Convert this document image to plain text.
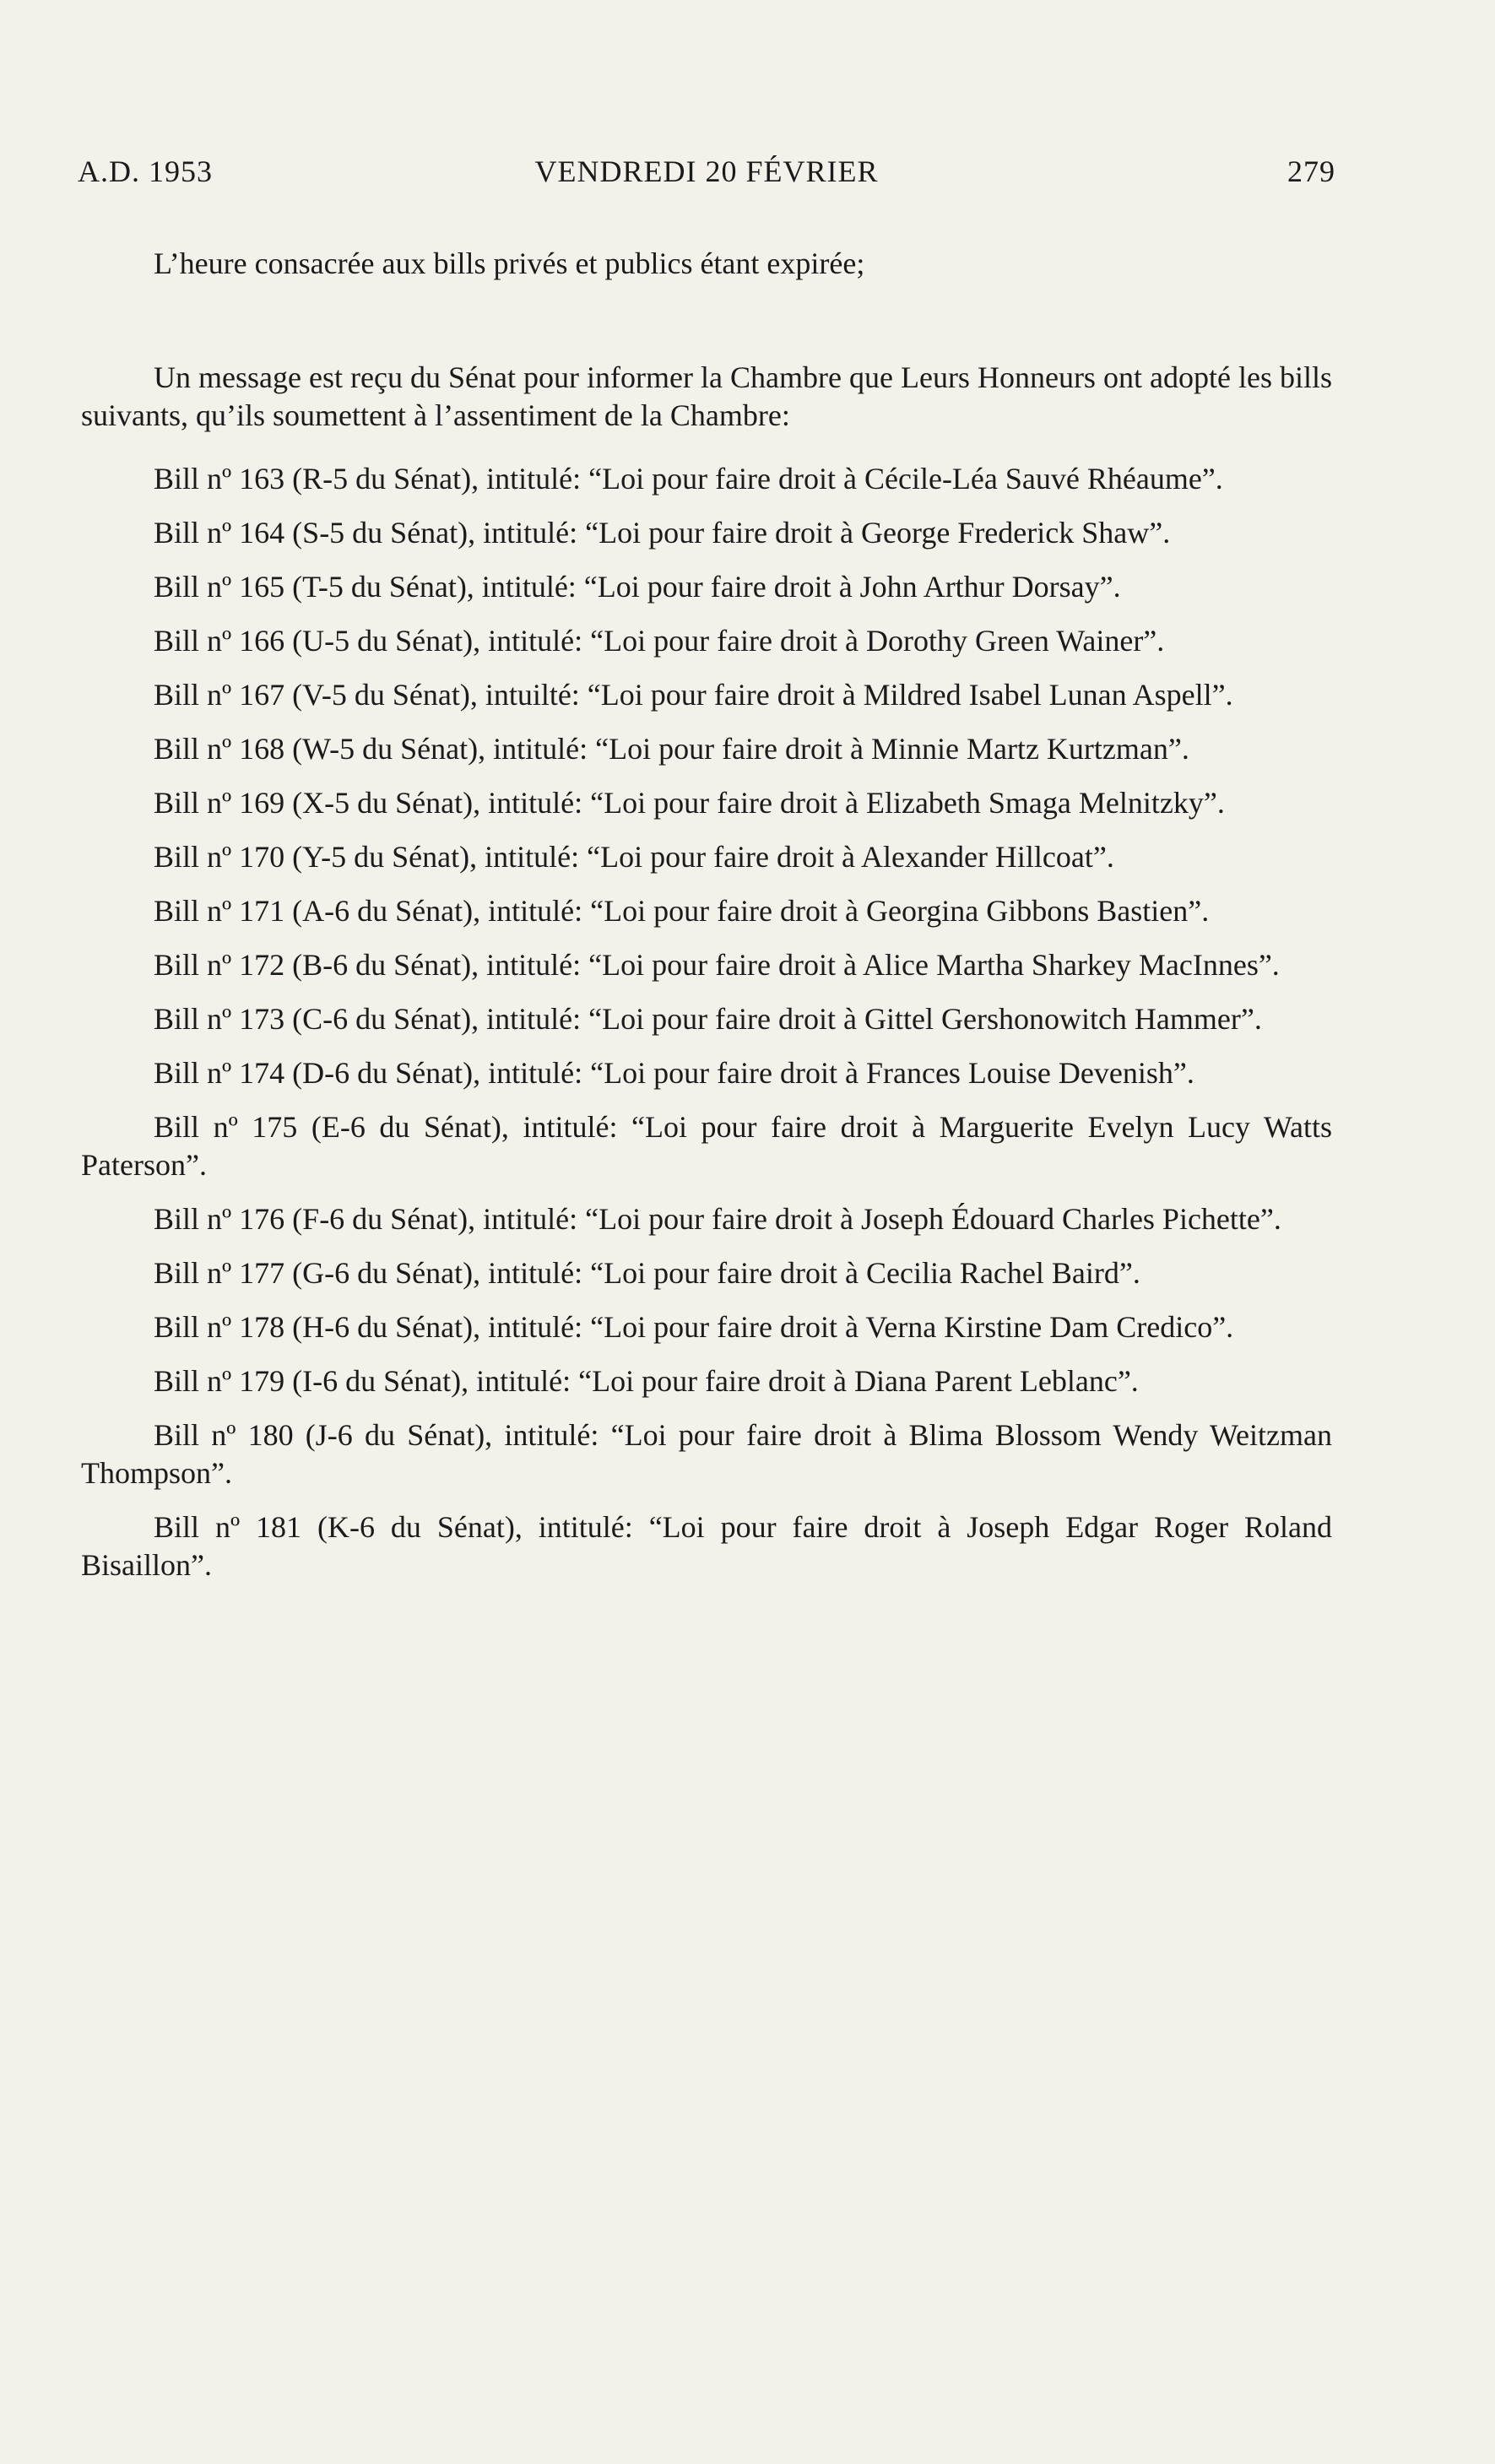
A.D. 1953	VENDREDI 20 FÉVRIER	279

L’heure consacrée aux bills privés et publics étant expirée;

Un message est reçu du Sénat pour informer la Chambre que Leurs Honneurs ont adopté les bills suivants, qu’ils soumettent à l’assentiment de la Chambre:

Bill nº 163 (R-5 du Sénat), intitulé: “Loi pour faire droit à Cécile-Léa Sauvé Rhéaume”.

Bill nº 164 (S-5 du Sénat), intitulé: “Loi pour faire droit à George Frederick Shaw”.

Bill nº 165 (T-5 du Sénat), intitulé: “Loi pour faire droit à John Arthur Dorsay”.

Bill nº 166 (U-5 du Sénat), intitulé: “Loi pour faire droit à Dorothy Green Wainer”.

Bill nº 167 (V-5 du Sénat), intuilté: “Loi pour faire droit à Mildred Isabel Lunan Aspell”.

Bill nº 168 (W-5 du Sénat), intitulé: “Loi pour faire droit à Minnie Martz Kurtzman”.

Bill nº 169 (X-5 du Sénat), intitulé: “Loi pour faire droit à Elizabeth Smaga Melnitzky”.

Bill nº 170 (Y-5 du Sénat), intitulé: “Loi pour faire droit à Alexander Hillcoat”.

Bill nº 171 (A-6 du Sénat), intitulé: “Loi pour faire droit à Georgina Gibbons Bastien”.

Bill nº 172 (B-6 du Sénat), intitulé: “Loi pour faire droit à Alice Martha Sharkey MacInnes”.

Bill nº 173 (C-6 du Sénat), intitulé: “Loi pour faire droit à Gittel Gershonowitch Hammer”.

Bill nº 174 (D-6 du Sénat), intitulé: “Loi pour faire droit à Frances Louise Devenish”.

Bill nº 175 (E-6 du Sénat), intitulé: “Loi pour faire droit à Marguerite Evelyn Lucy Watts Paterson”.

Bill nº 176 (F-6 du Sénat), intitulé: “Loi pour faire droit à Joseph Édouard Charles Pichette”.

Bill nº 177 (G-6 du Sénat), intitulé: “Loi pour faire droit à Cecilia Rachel Baird”.

Bill nº 178 (H-6 du Sénat), intitulé: “Loi pour faire droit à Verna Kirstine Dam Credico”.

Bill nº 179 (I-6 du Sénat), intitulé: “Loi pour faire droit à Diana Parent Leblanc”.

Bill nº 180 (J-6 du Sénat), intitulé: “Loi pour faire droit à Blima Blossom Wendy Weitzman Thompson”.

Bill nº 181 (K-6 du Sénat), intitulé: “Loi pour faire droit à Joseph Edgar Roger Roland Bisaillon”.
